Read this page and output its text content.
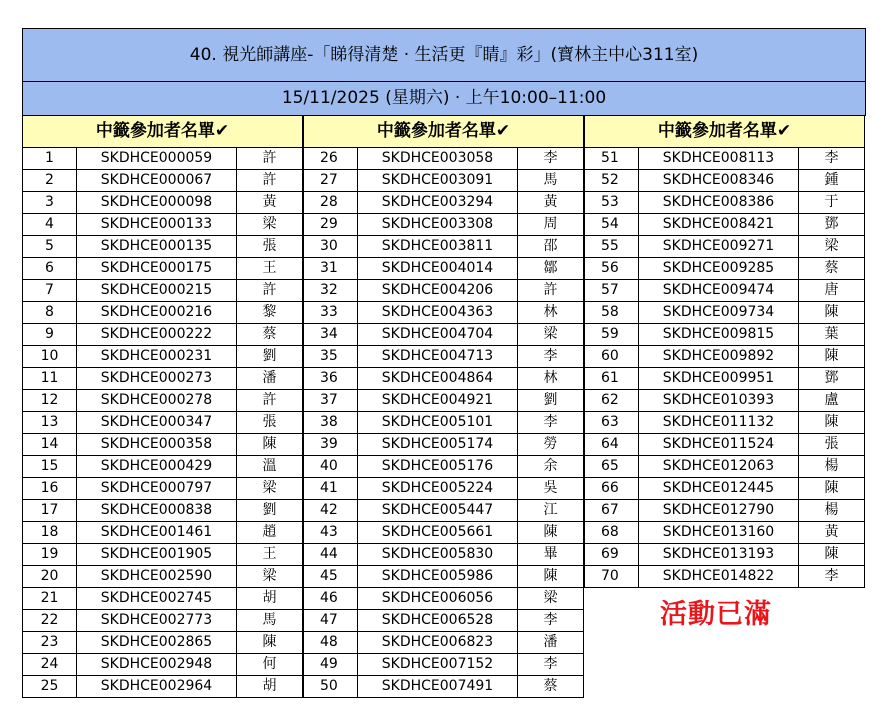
40. 視光師講座-「睇得清楚 · 生活更『睛』彩」(寶林主中心311室)
15/11/2025 (星期六) · 上午10:00–11:00
中籤參加者名單✔
1	SKDHCE000059	許
2	SKDHCE000067	許
3	SKDHCE000098	黃
4	SKDHCE000133	梁
5	SKDHCE000135	張
6	SKDHCE000175	王
7	SKDHCE000215	許
8	SKDHCE000216	黎
9	SKDHCE000222	蔡
10	SKDHCE000231	劉
11	SKDHCE000273	潘
12	SKDHCE000278	許
13	SKDHCE000347	張
14	SKDHCE000358	陳
15	SKDHCE000429	溫
16	SKDHCE000797	梁
17	SKDHCE000838	劉
18	SKDHCE001461	趙
19	SKDHCE001905	王
20	SKDHCE002590	梁
21	SKDHCE002745	胡
22	SKDHCE002773	馬
23	SKDHCE002865	陳
24	SKDHCE002948	何
25	SKDHCE002964	胡
中籤參加者名單✔
26	SKDHCE003058	李
27	SKDHCE003091	馬
28	SKDHCE003294	黃
29	SKDHCE003308	周
30	SKDHCE003811	邵
31	SKDHCE004014	鄒
32	SKDHCE004206	許
33	SKDHCE004363	林
34	SKDHCE004704	梁
35	SKDHCE004713	李
36	SKDHCE004864	林
37	SKDHCE004921	劉
38	SKDHCE005101	李
39	SKDHCE005174	勞
40	SKDHCE005176	余
41	SKDHCE005224	吳
42	SKDHCE005447	江
43	SKDHCE005661	陳
44	SKDHCE005830	畢
45	SKDHCE005986	陳
46	SKDHCE006056	梁
47	SKDHCE006528	李
48	SKDHCE006823	潘
49	SKDHCE007152	李
50	SKDHCE007491	蔡
中籤參加者名單✔
51	SKDHCE008113	李
52	SKDHCE008346	鍾
53	SKDHCE008386	于
54	SKDHCE008421	鄧
55	SKDHCE009271	梁
56	SKDHCE009285	蔡
57	SKDHCE009474	唐
58	SKDHCE009734	陳
59	SKDHCE009815	葉
60	SKDHCE009892	陳
61	SKDHCE009951	鄧
62	SKDHCE010393	盧
63	SKDHCE011132	陳
64	SKDHCE011524	張
65	SKDHCE012063	楊
66	SKDHCE012445	陳
67	SKDHCE012790	楊
68	SKDHCE013160	黃
69	SKDHCE013193	陳
70	SKDHCE014822	李
活動已滿
